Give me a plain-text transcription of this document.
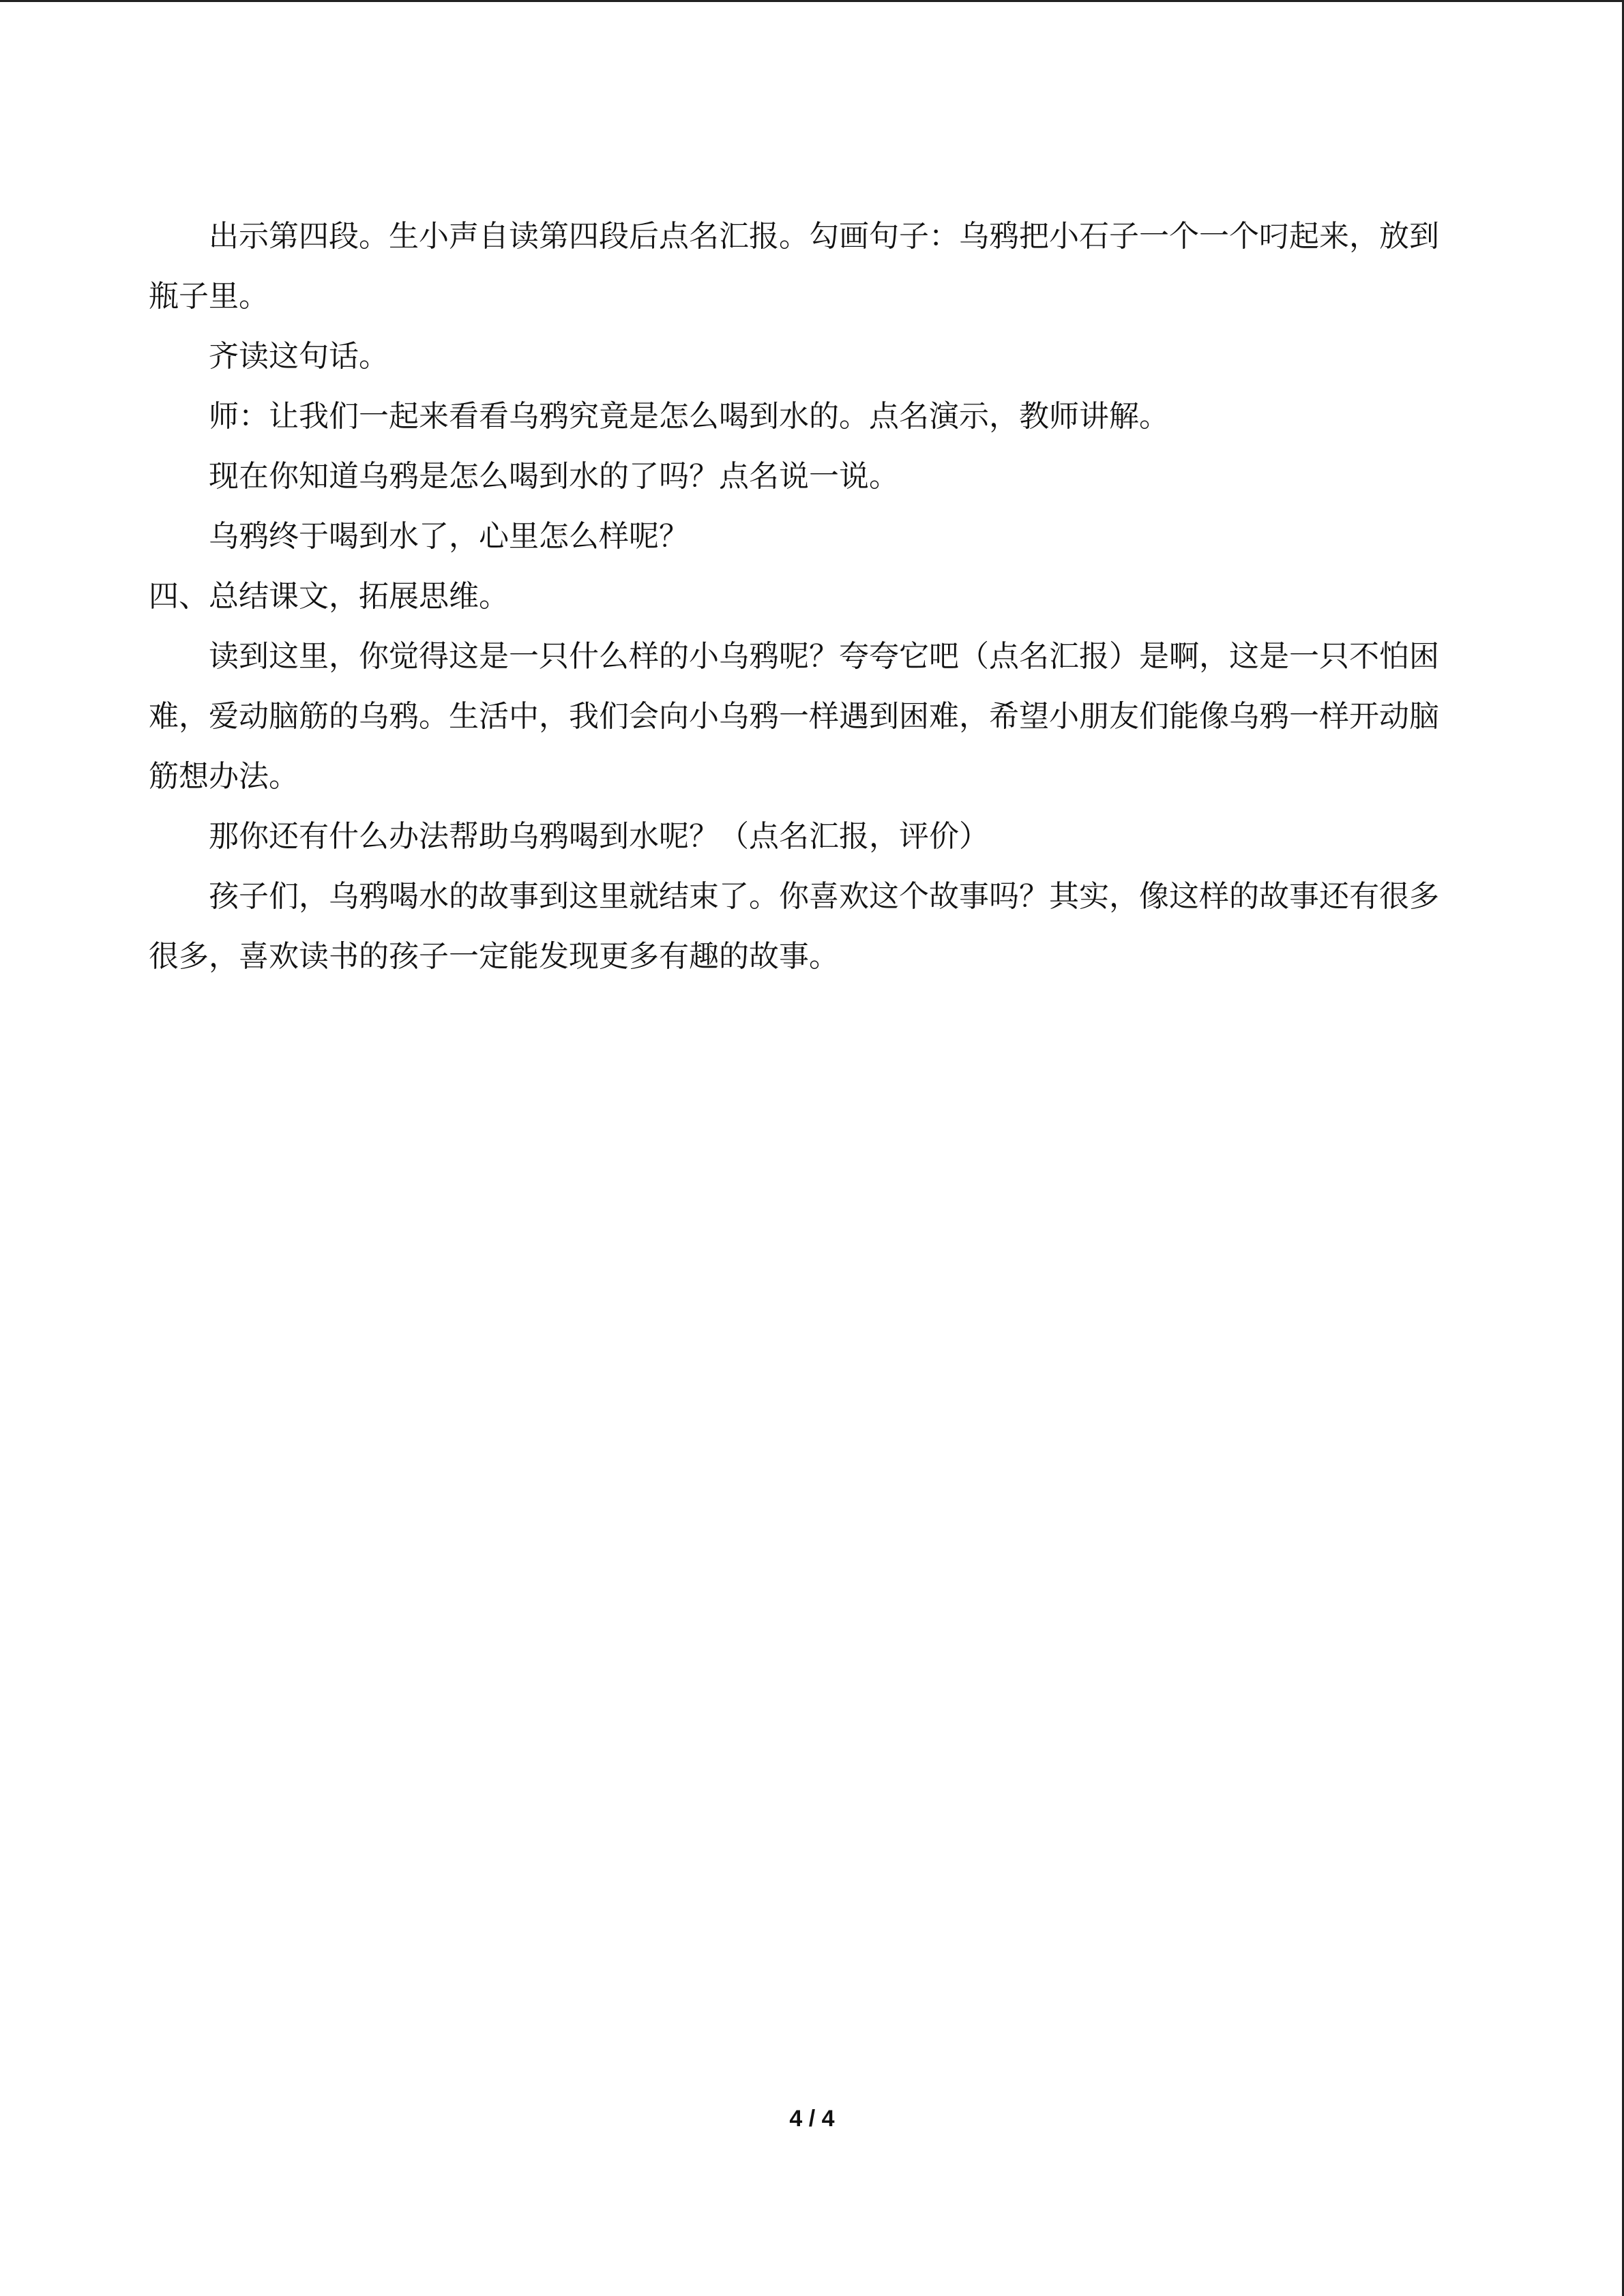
出示第四段。生小声自读第四段后点名汇报。勾画句子：乌鸦把小石子一个一个叼起来，放到瓶子里。

齐读这句话。

师：让我们一起来看看乌鸦究竟是怎么喝到水的。点名演示，教师讲解。

现在你知道乌鸦是怎么喝到水的了吗？点名说一说。

乌鸦终于喝到水了，心里怎么样呢？

四、总结课文，拓展思维。

读到这里，你觉得这是一只什么样的小乌鸦呢？夸夸它吧（点名汇报）是啊，这是一只不怕困难，爱动脑筋的乌鸦。生活中，我们会向小乌鸦一样遇到困难，希望小朋友们能像乌鸦一样开动脑筋想办法。

那你还有什么办法帮助乌鸦喝到水呢？（点名汇报，评价）

孩子们，乌鸦喝水的故事到这里就结束了。你喜欢这个故事吗？其实，像这样的故事还有很多很多，喜欢读书的孩子一定能发现更多有趣的故事。

4 / 4
